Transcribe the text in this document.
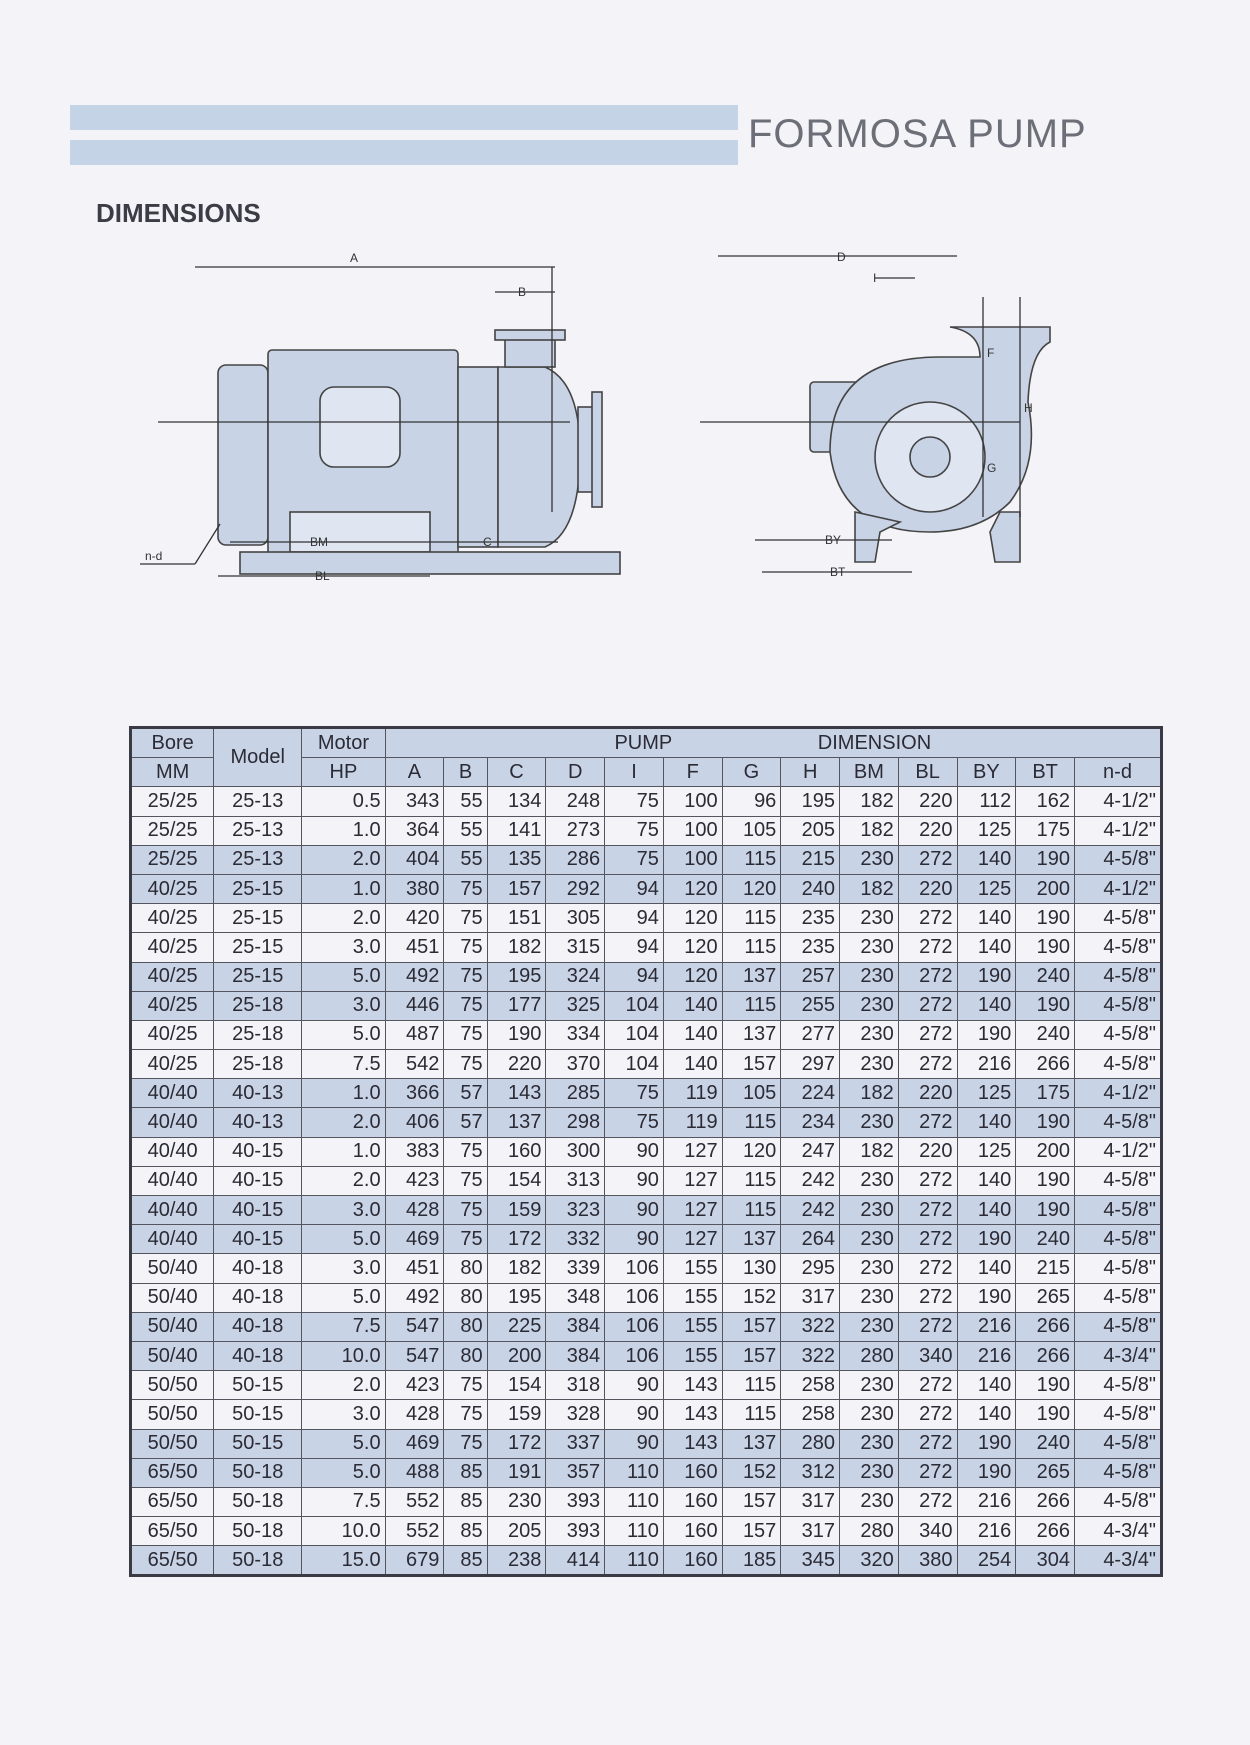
FORMOSA PUMP
DIMENSIONS
A
B
C
BM
BL
n-d
D
I
F
G
H
BY
BT
Bore	Model	Motor	PUMP DIMENSION												
MM		HP	A	B	C	D	I	F	G	H	BM	BL	BY	BT	n-d
25/25	25-13	0.5	343	55	134	248	75	100	96	195	182	220	112	162	4-1/2"
25/25	25-13	1.0	364	55	141	273	75	100	105	205	182	220	125	175	4-1/2"
25/25	25-13	2.0	404	55	135	286	75	100	115	215	230	272	140	190	4-5/8"
40/25	25-15	1.0	380	75	157	292	94	120	120	240	182	220	125	200	4-1/2"
40/25	25-15	2.0	420	75	151	305	94	120	115	235	230	272	140	190	4-5/8"
40/25	25-15	3.0	451	75	182	315	94	120	115	235	230	272	140	190	4-5/8"
40/25	25-15	5.0	492	75	195	324	94	120	137	257	230	272	190	240	4-5/8"
40/25	25-18	3.0	446	75	177	325	104	140	115	255	230	272	140	190	4-5/8"
40/25	25-18	5.0	487	75	190	334	104	140	137	277	230	272	190	240	4-5/8"
40/25	25-18	7.5	542	75	220	370	104	140	157	297	230	272	216	266	4-5/8"
40/40	40-13	1.0	366	57	143	285	75	119	105	224	182	220	125	175	4-1/2"
40/40	40-13	2.0	406	57	137	298	75	119	115	234	230	272	140	190	4-5/8"
40/40	40-15	1.0	383	75	160	300	90	127	120	247	182	220	125	200	4-1/2"
40/40	40-15	2.0	423	75	154	313	90	127	115	242	230	272	140	190	4-5/8"
40/40	40-15	3.0	428	75	159	323	90	127	115	242	230	272	140	190	4-5/8"
40/40	40-15	5.0	469	75	172	332	90	127	137	264	230	272	190	240	4-5/8"
50/40	40-18	3.0	451	80	182	339	106	155	130	295	230	272	140	215	4-5/8"
50/40	40-18	5.0	492	80	195	348	106	155	152	317	230	272	190	265	4-5/8"
50/40	40-18	7.5	547	80	225	384	106	155	157	322	230	272	216	266	4-5/8"
50/40	40-18	10.0	547	80	200	384	106	155	157	322	280	340	216	266	4-3/4"
50/50	50-15	2.0	423	75	154	318	90	143	115	258	230	272	140	190	4-5/8"
50/50	50-15	3.0	428	75	159	328	90	143	115	258	230	272	140	190	4-5/8"
50/50	50-15	5.0	469	75	172	337	90	143	137	280	230	272	190	240	4-5/8"
65/50	50-18	5.0	488	85	191	357	110	160	152	312	230	272	190	265	4-5/8"
65/50	50-18	7.5	552	85	230	393	110	160	157	317	230	272	216	266	4-5/8"
65/50	50-18	10.0	552	85	205	393	110	160	157	317	280	340	216	266	4-3/4"
65/50	50-18	15.0	679	85	238	414	110	160	185	345	320	380	254	304	4-3/4"
